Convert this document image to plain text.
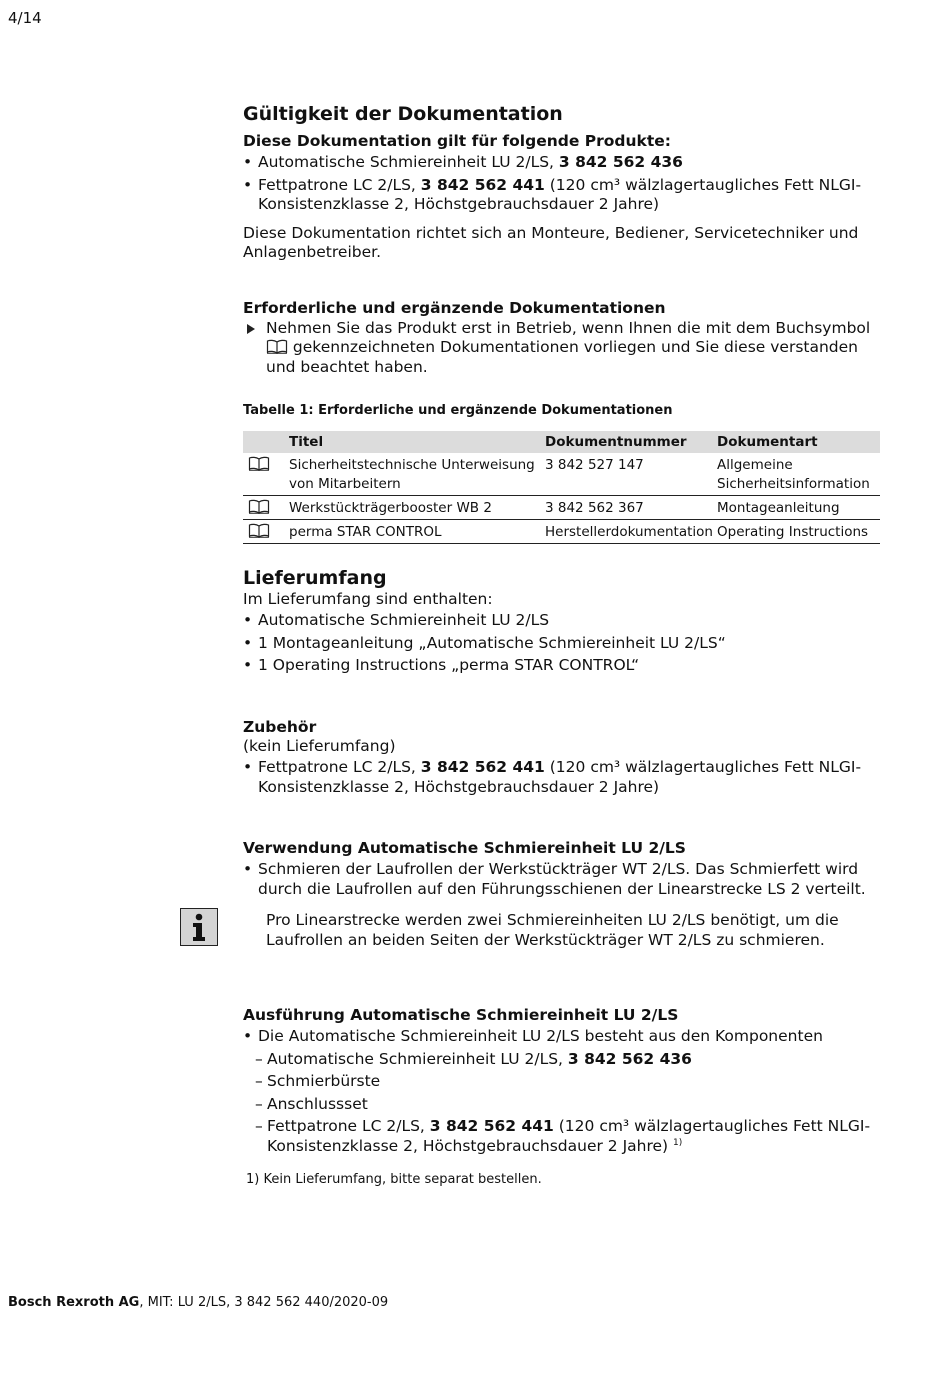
4/14
Gültigkeit der Dokumentation
Diese Dokumentation gilt für folgende Produkte:
• Automatische Schmiereinheit LU 2/LS, 3 842 562 436
• Fettpatrone LC 2/LS, 3 842 562 441 (120 cm³ wälzlagertaugliches Fett NLGI-Konsistenzklasse 2, Höchstgebrauchsdauer 2 Jahre)

Diese Dokumentation richtet sich an Monteure, Bediener, Servicetechniker und Anlagenbetreiber.

Erforderliche und ergänzende Dokumentationen
Nehmen Sie das Produkt erst in Betrieb, wenn Ihnen die mit dem Buchsymbol  gekennzeichneten Dokumentationen vorliegen und Sie diese verstanden und beachtet haben.
Tabelle 1: Erforderliche und ergänzende Dokumentationen
	Titel	Dokumentnummer	Dokumentart
	Sicherheitstechnische Unterweisung von Mitarbeitern	3 842 527 147	Allgemeine Sicherheitsinformation
	Werkstückträgerbooster WB 2	3 842 562 367	Montageanleitung
	perma STAR CONTROL	Herstellerdokumentation	Operating Instructions
Lieferumfang

Im Lieferumfang sind enthalten:

• Automatische Schmiereinheit LU 2/LS
• 1 Montageanleitung „Automatische Schmiereinheit LU 2/LS“
• 1 Operating Instructions „perma STAR CONTROL“
Zubehör

(kein Lieferumfang)

• Fettpatrone LC 2/LS, 3 842 562 441 (120 cm³ wälzlagertaugliches Fett NLGI-Konsistenzklasse 2, Höchstgebrauchsdauer 2 Jahre)
Verwendung Automatische Schmiereinheit LU 2/LS
• Schmieren der Laufrollen der Werkstückträger WT 2/LS. Das Schmierfett wird durch die Laufrollen auf den Führungsschienen der Linearstrecke LS 2 verteilt.

Pro Linearstrecke werden zwei Schmiereinheiten LU 2/LS benötigt, um die Laufrollen an beiden Seiten der Werkstückträger WT 2/LS zu schmieren.

Ausführung Automatische Schmiereinheit LU 2/LS
• Die Automatische Schmiereinheit LU 2/LS besteht aus den Komponenten
– Automatische Schmiereinheit LU 2/LS, 3 842 562 436
– Schmierbürste
– Anschlussset
– Fettpatrone LC 2/LS, 3 842 562 441 (120 cm³ wälzlagertaugliches Fett NLGI-Konsistenzklasse 2, Höchstgebrauchsdauer 2 Jahre) $^{1)}$

1) Kein Lieferumfang, bitte separat bestellen.

Bosch Rexroth AG, MIT: LU 2/LS, 3 842 562 440/2020-09
